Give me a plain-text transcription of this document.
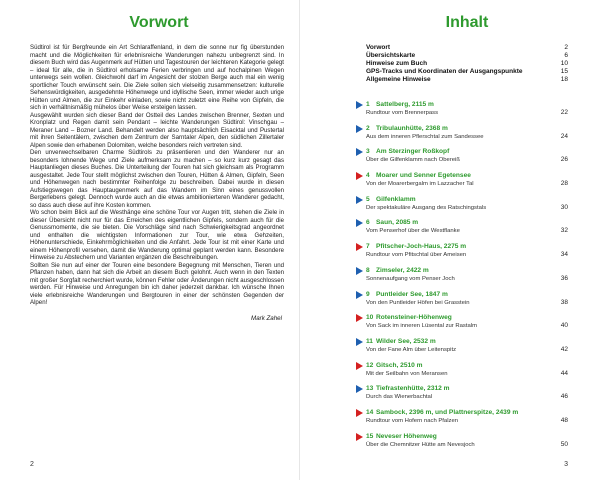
Vorwort

Südtirol ist für Bergfreunde ein Art Schlaraffenland, in dem die sonne nur fig überstunden macht und die Möglichkeiten für erlebnisreiche Wanderungen nahezu unbegrenzt sind. In diesem Buch wird das Augenmerk auf Hütten und Tagestouren der leichteren Kategorie gelegt – ideal für alle, die in Südtirol erholsame Ferien verbringen und auf hochalpinen Wegen unterwegs sein wollen. Gleichwohl darf im Angesicht der stolzen Berge auch mal ein wenig sportlicher Touch erwünscht sein. Die Ziele sollen sich vielseitig zusammensetzen: kulturelle Sehenswürdigkeiten, ausgedehnte Höhenwege und idyllische Seen, immer wieder auch urige Hütten und Almen, die zur Einkehr einladen, sowie nicht zuletzt eine Reihe von Gipfeln, die sich in verhältnismäßig mühelos über Weise ersteigen lassen.

Ausgewählt wurden sich dieser Band der Ostteil des Landes zwischen Brenner, Sexten und Kronplatz und Regen damit sein Pendant – leichte Wanderungen Südtirol: Vinschgau – Meraner Land – Bozner Land. Behandelt werden also hauptsächlich Eisacktal und Pustertal mit ihren Seitentälern, zwischen dem Zentrum der Sarntaler Alpen, den südlichen Zillertaler Alpen sowie den erhabenen Dolomiten, welche besonders reich vertreten sind.

Den unverwechselbaren Charme Südtirols zu präsentieren und den Wanderer nur an besonders lohnende Wege und Ziele aufmerksam zu machen – so kurz kurz gesagt das Hauptanliegen dieses Buches. Die Unterteilung der Touren hat sich gleichsam als Programm ausgestaltet. Jede Tour stellt möglichst zwischen den Touren, Hütten & Almen, Gipfeln, Seen und Höhenwegen nach bestimmter Reihenfolge zu beschreiben. Dabei wurde in diesen Aufstiegswegen das Hauptaugenmerk auf das Wandern im Sinn eines genussvollen Bergerlebens gelegt. Dennoch wurde auch an die etwas ambitionierteren Wanderer gedacht, so dass auch diese auf ihre Kosten kommen.

Wo schon beim Blick auf die Westhänge eine schöne Tour vor Augen tritt, stehen die Ziele in dieser Übersicht nicht nur für das Erreichen des eigentlichen Gipfels, sondern auch für die Genussmomente, die sie bieten. Die Vorschläge sind nach Schwierigkeitsgrad angeordnet und enthalten die wichtigsten Informationen zur Tour, wie etwa Gehzeiten, Höhenunterschiede, Einkehrmöglichkeiten und die Anfahrt. Jede Tour ist mit einer Karte und einem Höhenprofil versehen, damit die Wanderung optimal geplant werden kann. Besondere Hinweise zu Abstechern und Varianten ergänzen die Beschreibungen.

Sollten Sie nun auf einer der Touren eine besondere Begegnung mit Menschen, Tieren und Pflanzen haben, dann hat sich die Arbeit an diesem Buch gelohnt. Auch wenn in den Texten mit großer Sorgfalt recherchiert wurde, können Fehler oder Änderungen nicht ausgeschlossen werden. Für Hinweise und Anregungen bin ich daher jederzeit dankbar. Ich wünsche Ihnen viele erlebnisreiche Wanderungen und Bergtouren in einer der schönsten Gegenden der Alpen!

Mark Zahel
2
Inhalt
Vorwort	2
Übersichtskarte	6
Hinweise zum Buch	10
GPS-Tracks und Koordinaten der Ausgangspunkte	15
Allgemeine Hinweise	18
1 Sattelberg, 2115 m
Rundtour vom Brennerpass	22
2 Tribulaunhütte, 2368 m
Aus dem inneren Pflerschtal zum Sandessee	24
3 Am Sterzinger Roßkopf
Über die Gilfenklamm nach Obereiß	26
4 Moarer und Senner Egetensee
Von der Moarerbergalm im Lazzacher Tal	28
5 Gilfenklamm
Der spektakuläre Ausgang des Ratschingstals	30
6 Saun, 2085 m
Vom Penserhof über die Westflanke	32
7 Pfitscher-Joch-Haus, 2275 m
Rundtour vom Pfitschtal über Ameisen	34
8 Zimseler, 2422 m
Sonnenaufgang vom Penser Joch	36
9 Puntleider See, 1847 m
Von den Puntleider Höfen bei Grasstein	38
10 Rotensteiner-Höhenweg
Von Sack im inneren Lüsental zur Rastalm	40
11 Wilder See, 2532 m
Von der Fane Alm über Leitenspitz	42
12 Gitsch, 2510 m
Mit der Seilbahn von Meransen	44
13 Tiefrastenhütte, 2312 m
Durch das Wienerbachtal	46
14 Sambock, 2396 m, und Plattnerspitze, 2439 m
Rundtour vom Hofern nach Pfalzen	48
15 Neveser Höhenweg
Über die Chemnitzer Hütte am Nevesjoch	50
3
